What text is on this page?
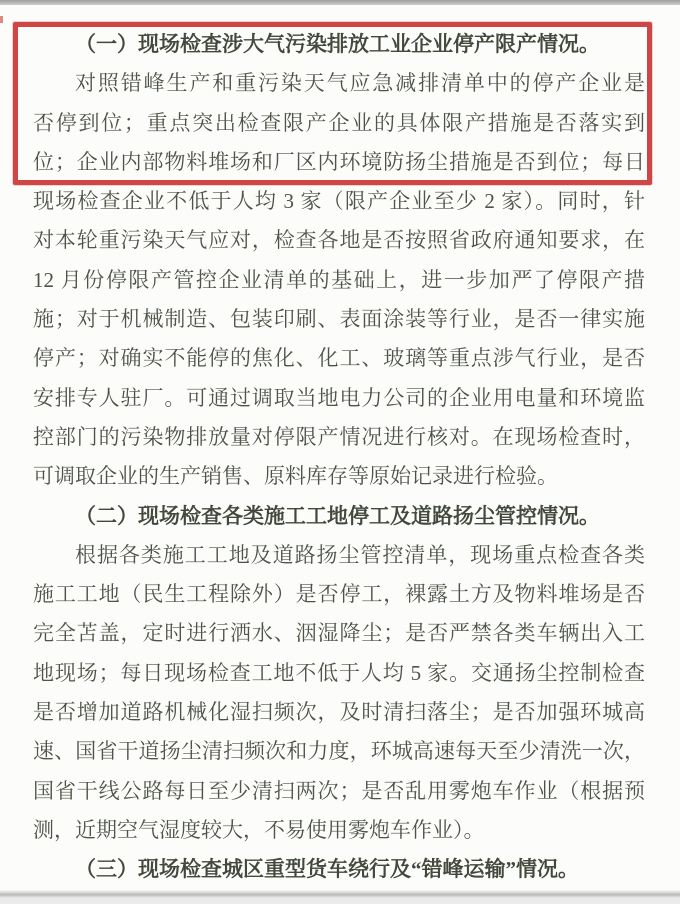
（一）现场检查涉大气污染排放工业企业停产限产情况。
对照错峰生产和重污染天气应急减排清单中的停产企业是
否停到位；重点突出检查限产企业的具体限产措施是否落实到
位；企业内部物料堆场和厂区内环境防扬尘措施是否到位；每日
现场检查企业不低于人均 3 家（限产企业至少 2 家）。同时，针
对本轮重污染天气应对，检查各地是否按照省政府通知要求，在
12 月份停限产管控企业清单的基础上，进一步加严了停限产措
施；对于机械制造、包装印刷、表面涂装等行业，是否一律实施
停产；对确实不能停的焦化、化工、玻璃等重点涉气行业，是否
安排专人驻厂。可通过调取当地电力公司的企业用电量和环境监
控部门的污染物排放量对停限产情况进行核对。在现场检查时，
可调取企业的生产销售、原料库存等原始记录进行检验。
（二）现场检查各类施工工地停工及道路扬尘管控情况。
根据各类施工工地及道路扬尘管控清单，现场重点检查各类
施工工地（民生工程除外）是否停工，裸露土方及物料堆场是否
完全苫盖，定时进行洒水、洇湿降尘；是否严禁各类车辆出入工
地现场；每日现场检查工地不低于人均 5 家。交通扬尘控制检查
是否增加道路机械化湿扫频次，及时清扫落尘；是否加强环城高
速、国省干道扬尘清扫频次和力度，环城高速每天至少清洗一次，
国省干线公路每日至少清扫两次；是否乱用雾炮车作业（根据预
测，近期空气湿度较大，不易使用雾炮车作业）。
（三）现场检查城区重型货车绕行及“错峰运输”情况。
